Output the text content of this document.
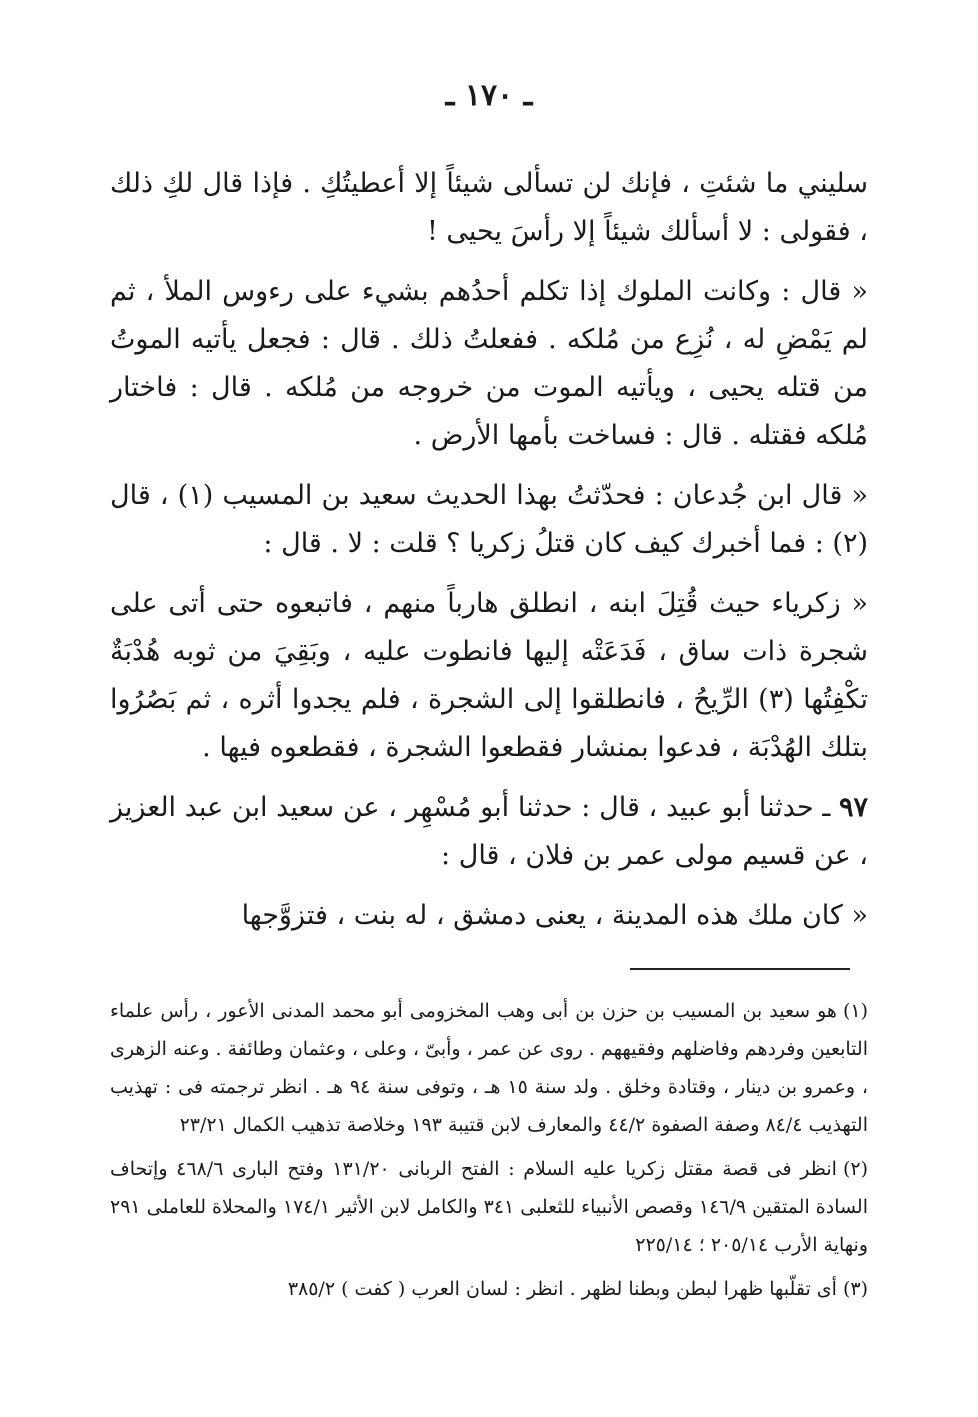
ـ ١٧٠ ـ

سليني ما شئتِ ، فإنك لن تسألى شيئاً إلا أعطيتُكِ . فإذا قال لكِ ذلك ، فقولى : لا أسألك شيئاً إلا رأسَ يحيى !

« قال : وكانت الملوك إذا تكلم أحدُهم بشيء على رءوس الملأ ، ثم لم يَمْضِ له ، نُزِع من مُلكه . ففعلتُ ذلك . قال : فجعل يأتيه الموتُ من قتله يحيى ، ويأتيه الموت من خروجه من مُلكه . قال : فاختار مُلكه فقتله . قال : فساخت بأمها الأرض .

« قال ابن جُدعان : فحدّثتُ بهذا الحديث سعيد بن المسيب (١) ، قال (٢) : فما أخبرك كيف كان قتلُ زكريا ؟ قلت : لا . قال :

« زكرياء حيث قُتِلَ ابنه ، انطلق هارباً منهم ، فاتبعوه حتى أتى على شجرة ذات ساق ، فَدَعَتْه إليها فانطوت عليه ، وبَقِيَ من ثوبه هُدْبَةٌ تكْفِتُها (٣) الرِّيحُ ، فانطلقوا إلى الشجرة ، فلم يجدوا أثره ، ثم بَصُرُوا بتلك الهُدْبَة ، فدعوا بمنشار فقطعوا الشجرة ، فقطعوه فيها .

٩٧ ـ حدثنا أبو عبيد ، قال : حدثنا أبو مُسْهِر ، عن سعيد ابن عبد العزيز ، عن قسيم مولى عمر بن فلان ، قال :

« كان ملك هذه المدينة ، يعنى دمشق ، له بنت ، فتزوَّجها

(١)هو سعيد بن المسيب بن حزن بن أبى وهب المخزومى أبو محمد المدنى الأعور ، رأس علماء التابعين وفردهم وفاضلهم وفقيههم . روى عن عمر ، وأبىّ ، وعلى ، وعثمان وطائفة . وعنه الزهرى ، وعمرو بن دينار ، وقتادة وخلق . ولد سنة ١٥ هـ ، وتوفى سنة ٩٤ هـ . انظر ترجمته فى : تهذيب التهذيب ٨٤/٤ وصفة الصفوة ٤٤/٢ والمعارف لابن قتيبة ١٩٣ وخلاصة تذهيب الكمال ٢٣/٢١

(٢)انظر فى قصة مقتل زكريا عليه السلام : الفتح الربانى ١٣١/٢٠ وفتح البارى ٤٦٨/٦ وإتحاف السادة المتقين ١٤٦/٩ وقصص الأنبياء للثعلبى ٣٤١ والكامل لابن الأثير ١٧٤/١ والمحلاة للعاملى ٢٩١ ونهاية الأرب ٢٠٥/١٤ ؛ ٢٢٥/١٤

(٣)أى تقلّبها ظهرا لبطن وبطنا لظهر . انظر : لسان العرب ( كفت ) ٣٨٥/٢
